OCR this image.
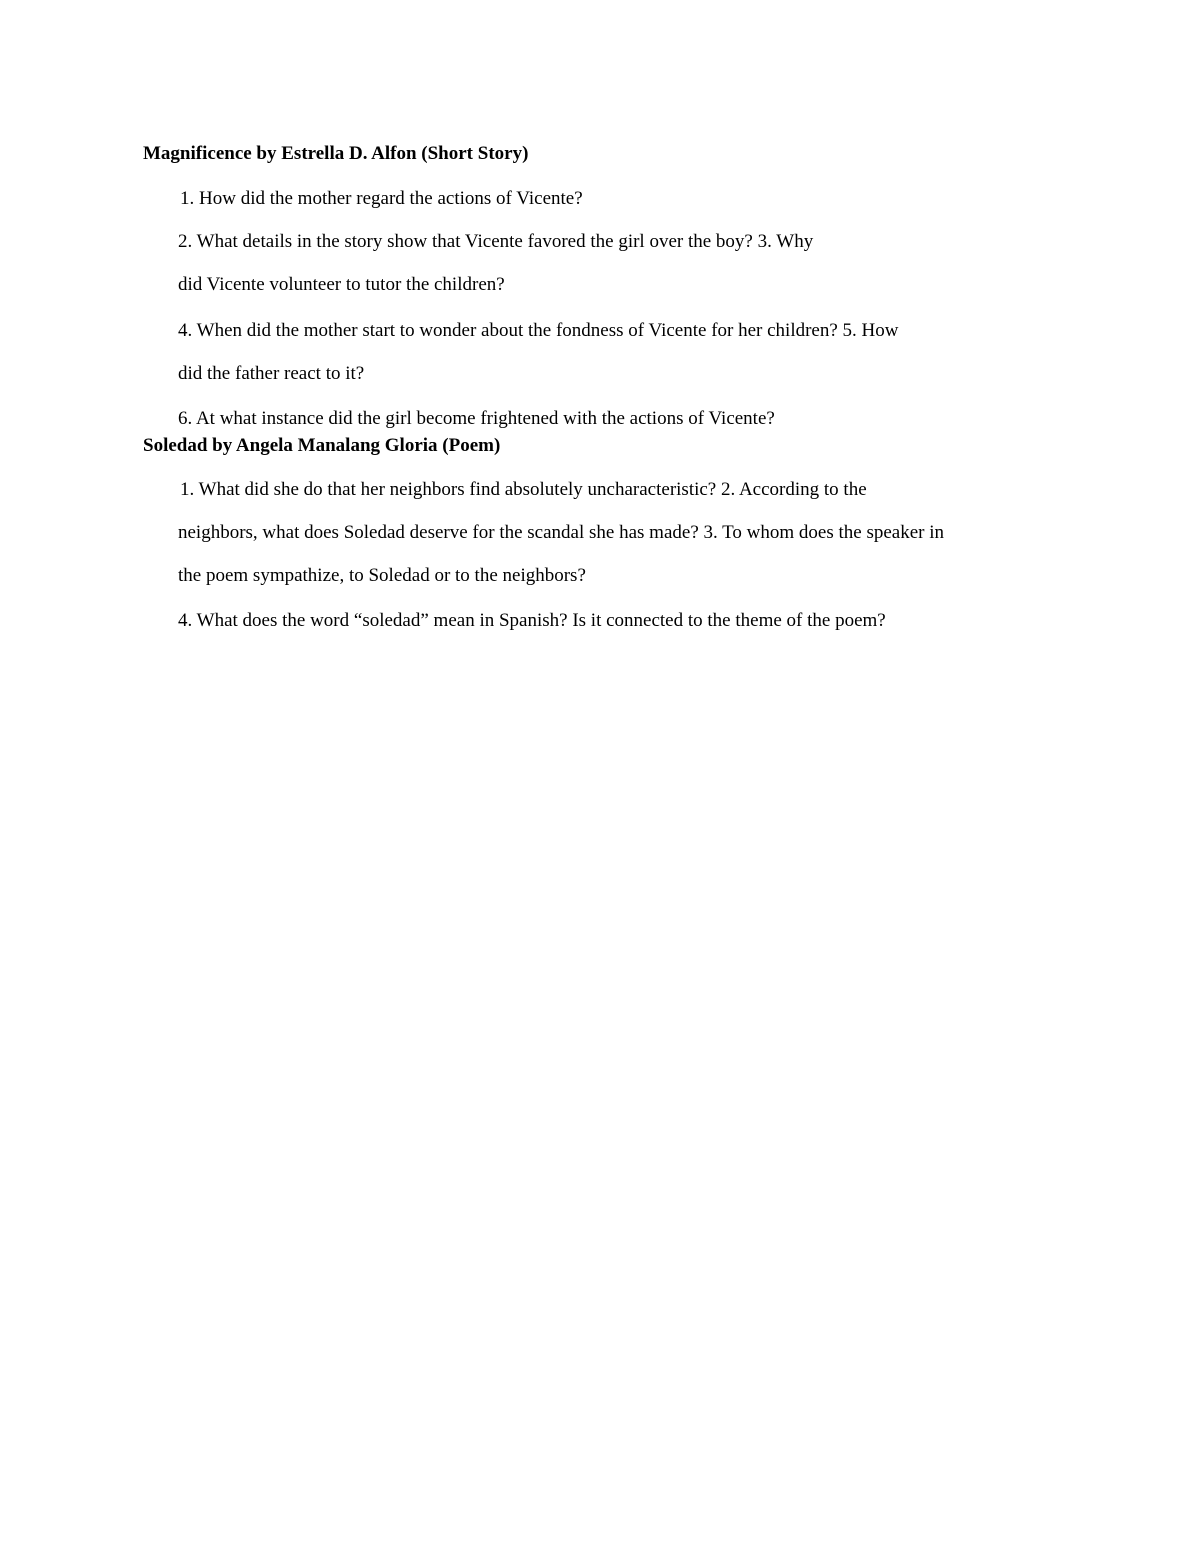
Magnificence by Estrella D. Alfon (Short Story)
1. How did the mother regard the actions of Vicente?
2. What details in the story show that Vicente favored the girl over the boy? 3. Why
did Vicente volunteer to tutor the children?
4. When did the mother start to wonder about the fondness of Vicente for her children? 5. How
did the father react to it?
6. At what instance did the girl become frightened with the actions of Vicente?
Soledad by Angela Manalang Gloria (Poem)
1. What did she do that her neighbors find absolutely uncharacteristic? 2. According to the
neighbors, what does Soledad deserve for the scandal she has made? 3. To whom does the speaker in
the poem sympathize, to Soledad or to the neighbors?
4. What does the word “soledad” mean in Spanish? Is it connected to the theme of the poem?
